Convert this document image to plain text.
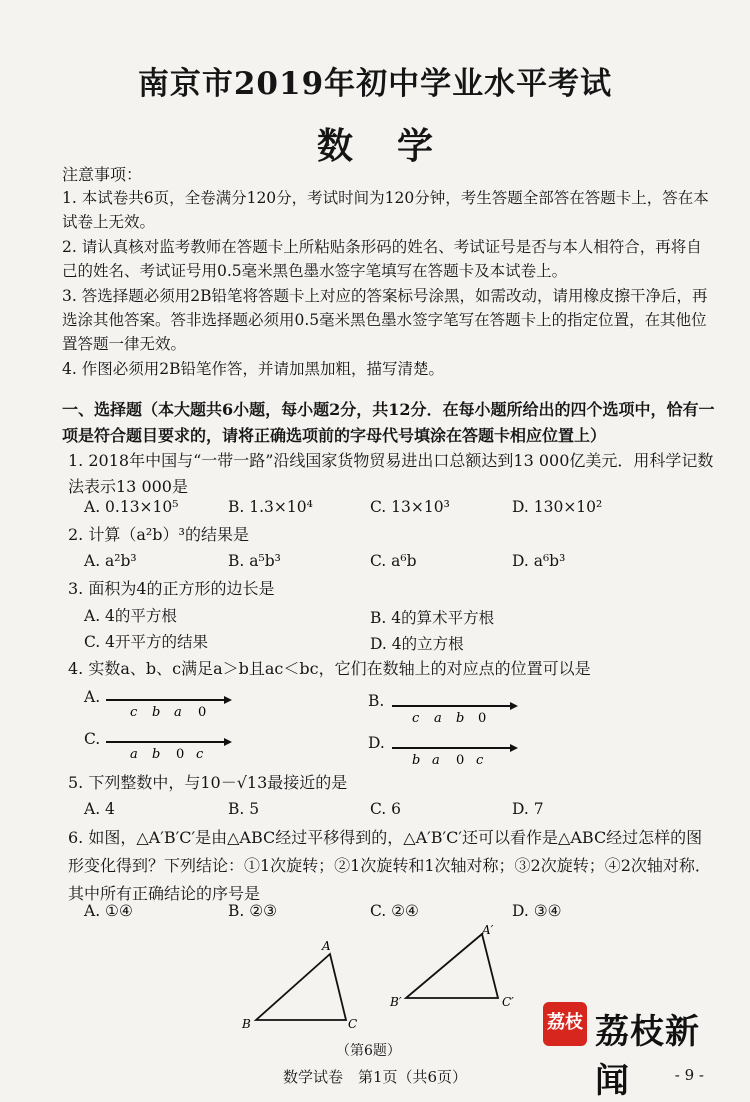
南京市2019年初中学业水平考试
数学
注意事项：
1. 本试卷共6页，全卷满分120分，考试时间为120分钟，考生答题全部答在答题卡上，答在本试卷上无效。
2. 请认真核对监考教师在答题卡上所粘贴条形码的姓名、考试证号是否与本人相符合，再将自己的姓名、考试证号用0.5毫米黑色墨水签字笔填写在答题卡及本试卷上。
3. 答选择题必须用2B铅笔将答题卡上对应的答案标号涂黑，如需改动，请用橡皮擦干净后，再选涂其他答案。答非选择题必须用0.5毫米黑色墨水签字笔写在答题卡上的指定位置，在其他位置答题一律无效。
4. 作图必须用2B铅笔作答，并请加黑加粗，描写清楚。
一、选择题（本大题共6小题，每小题2分，共12分．在每小题所给出的四个选项中，恰有一项是符合题目要求的，请将正确选项前的字母代号填涂在答题卡相应位置上）
1. 2018年中国与“一带一路”沿线国家货物贸易进出口总额达到13 000亿美元．用科学记数法表示13 000是
A. 0.13×10⁵	B. 1.3×10⁴	C. 13×10³	D. 130×10²
2. 计算（a²b）³的结果是
A. a²b³	B. a⁵b³	C. a⁶b	D. a⁶b³
3. 面积为4的正方形的边长是
A. 4的平方根	B. 4的算术平方根
C. 4开平方的结果	D. 4的立方根
4. 实数a、b、c满足a＞b且ac＜bc，它们在数轴上的对应点的位置可以是
A.
c b a 0
B.
c a b 0
C.
a b 0 c
D.
b a 0 c
5. 下列整数中，与10－√13最接近的是
A. 4	B. 5	C. 6	D. 7
6. 如图，△A′B′C′是由△ABC经过平移得到的，△A′B′C′还可以看作是△ABC经过怎样的图形变化得到？下列结论：①1次旋转；②1次旋转和1次轴对称；③2次旋转；④2次轴对称．其中所有正确结论的序号是
A. ①④	B. ②③	C. ②④	D. ③④
A
B	C
A′
B′	C′
（第6题）
荔枝 荔枝新闻
数学试卷　第1页（共6页）	- 9 -
